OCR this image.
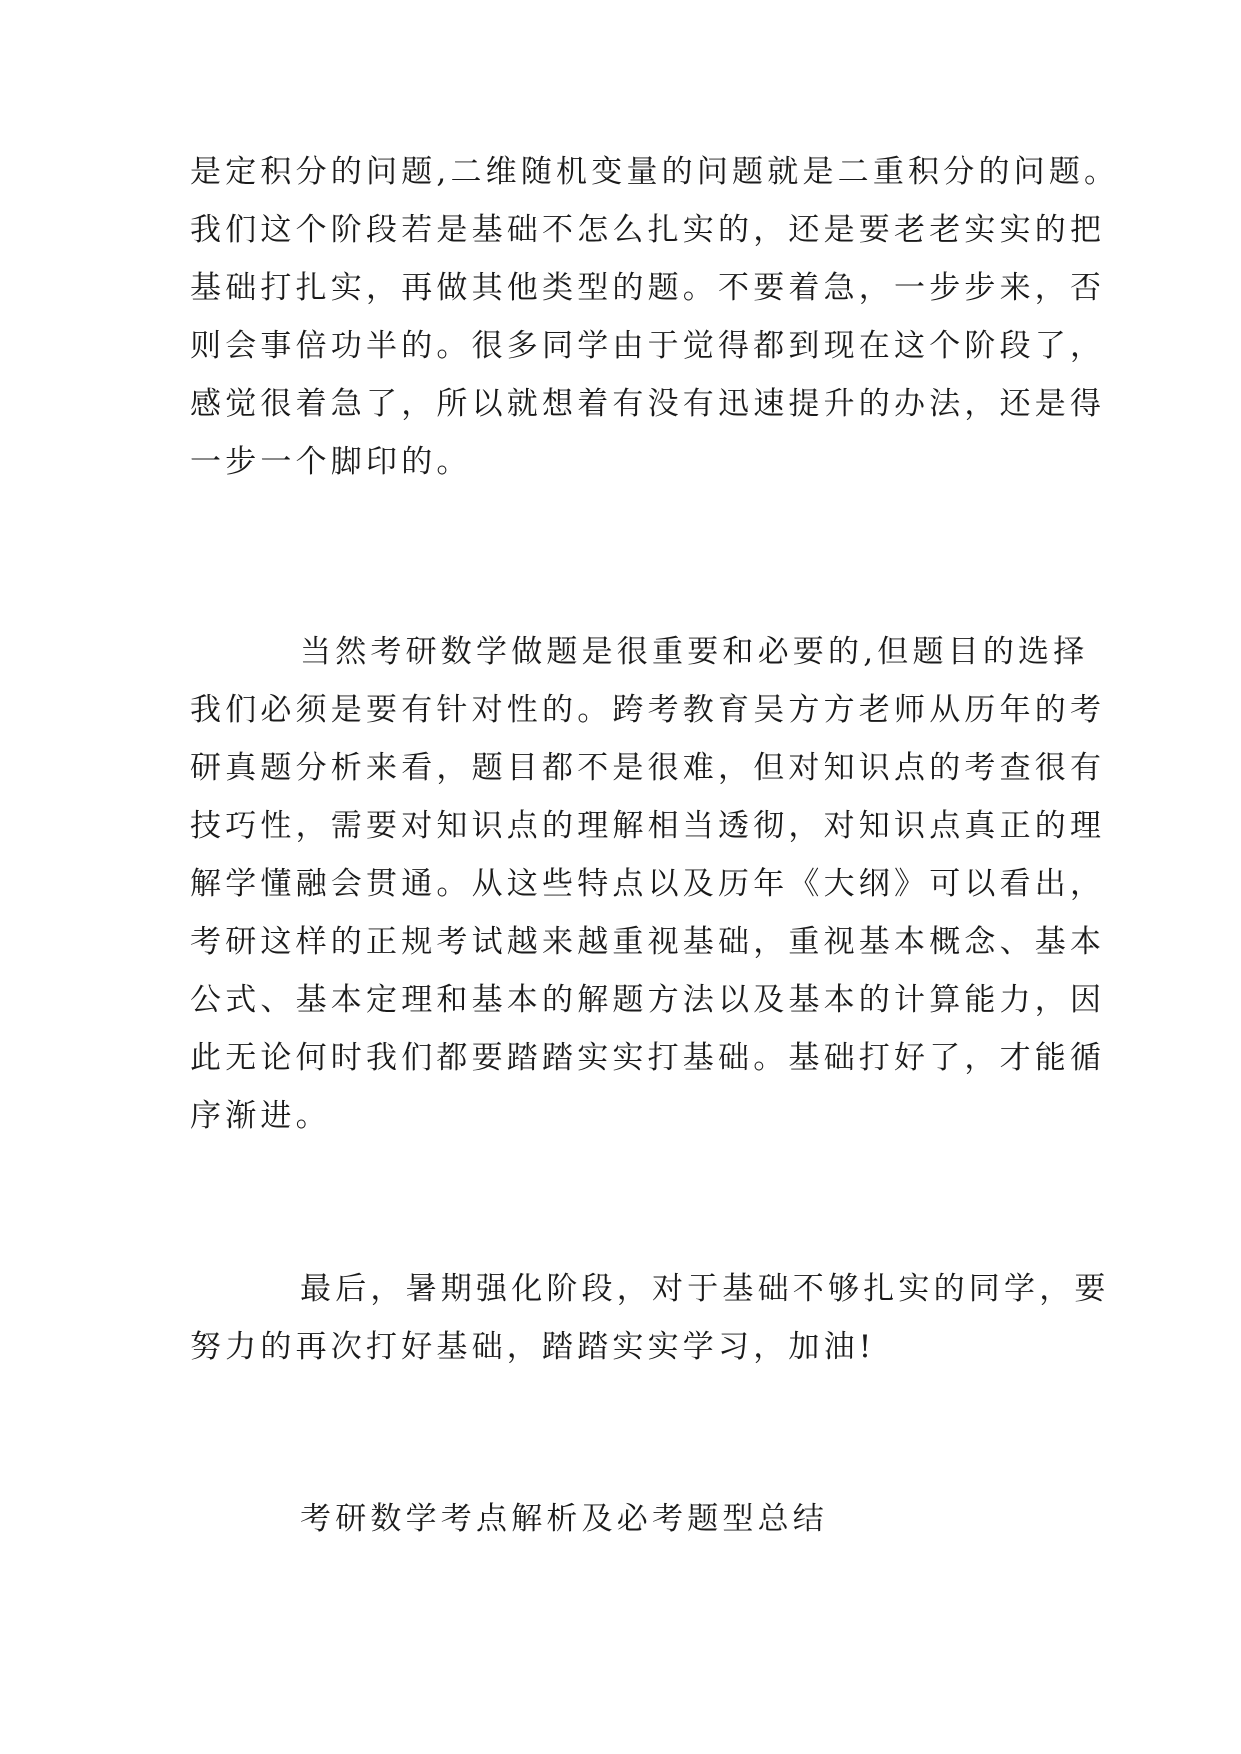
是定积分的问题,二维随机变量的问题就是二重积分的问题。
我们这个阶段若是基础不怎么扎实的，还是要老老实实的把
基础打扎实，再做其他类型的题。不要着急，一步步来，否
则会事倍功半的。很多同学由于觉得都到现在这个阶段了，
感觉很着急了，所以就想着有没有迅速提升的办法，还是得
一步一个脚印的。
当然考研数学做题是很重要和必要的,但题目的选择
我们必须是要有针对性的。跨考教育吴方方老师从历年的考
研真题分析来看，题目都不是很难，但对知识点的考查很有
技巧性，需要对知识点的理解相当透彻，对知识点真正的理
解学懂融会贯通。从这些特点以及历年《大纲》可以看出，
考研这样的正规考试越来越重视基础，重视基本概念、基本
公式、基本定理和基本的解题方法以及基本的计算能力，因
此无论何时我们都要踏踏实实打基础。基础打好了，才能循
序渐进。
最后，暑期强化阶段，对于基础不够扎实的同学，要
努力的再次打好基础，踏踏实实学习，加油!
考研数学考点解析及必考题型总结
